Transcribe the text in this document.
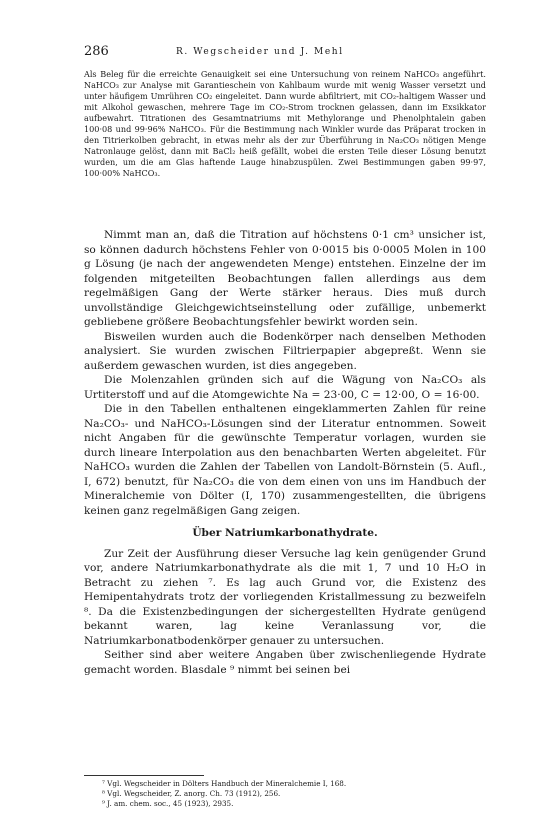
286	R. Wegscheider und J. Mehl

Als Beleg für die erreichte Genauigkeit sei eine Untersuchung von reinem NaHCO₃ angeführt. NaHCO₃ zur Analyse mit Garantieschein von Kahlbaum wurde mit wenig Wasser versetzt und unter häufigem Umrühren CO₂ eingeleitet. Dann wurde abfiltriert, mit CO₂-haltigem Wasser und mit Alkohol gewaschen, mehrere Tage im CO₂-Strom trocknen gelassen, dann im Exsikkator aufbewahrt. Titrationen des Gesamtnatriums mit Methylorange und Phenolphtalein gaben 100·08 und 99·96% NaHCO₃. Für die Bestimmung nach Winkler wurde das Präparat trocken in den Titrierkolben gebracht, in etwas mehr als der zur Überführung in Na₂CO₃ nötigen Menge Natronlauge gelöst, dann mit BaCl₂ heiß gefällt, wobei die ersten Teile dieser Lösung benutzt wurden, um die am Glas haftende Lauge hinabzuspülen. Zwei Bestimmungen gaben 99·97, 100·00% NaHCO₃.

Nimmt man an, daß die Titration auf höchstens 0·1 cm³ unsicher ist, so können dadurch höchstens Fehler von 0·0015 bis 0·0005 Molen in 100 g Lösung (je nach der angewendeten Menge) entstehen. Einzelne der im folgenden mitgeteilten Beobachtungen fallen allerdings aus dem regelmäßigen Gang der Werte stärker heraus. Dies muß durch unvollständige Gleichgewichtseinstellung oder zufällige, unbemerkt gebliebene größere Beobachtungsfehler bewirkt worden sein.

Bisweilen wurden auch die Bodenkörper nach denselben Methoden analysiert. Sie wurden zwischen Filtrierpapier abgepreßt. Wenn sie außerdem gewaschen wurden, ist dies angegeben.

Die Molenzahlen gründen sich auf die Wägung von Na₂CO₃ als Urtiterstoff und auf die Atomgewichte Na = 23·00, C = 12·00, O = 16·00.

Die in den Tabellen enthaltenen eingeklammerten Zahlen für reine Na₂CO₃- und NaHCO₃-Lösungen sind der Literatur entnommen. Soweit nicht Angaben für die gewünschte Temperatur vorlagen, wurden sie durch lineare Interpolation aus den benachbarten Werten abgeleitet. Für NaHCO₃ wurden die Zahlen der Tabellen von Landolt-Börnstein (5. Aufl., I, 672) benutzt, für Na₂CO₃ die von dem einen von uns im Handbuch der Mineralchemie von Dölter (I, 170) zusammengestellten, die übrigens keinen ganz regelmäßigen Gang zeigen.

Über Natriumkarbonathydrate.

Zur Zeit der Ausführung dieser Versuche lag kein genügender Grund vor, andere Natriumkarbonathydrate als die mit 1, 7 und 10 H₂O in Betracht zu ziehen ⁷. Es lag auch Grund vor, die Existenz des Hemipentahydrats trotz der vorliegenden Kristallmessung zu bezweifeln ⁸. Da die Existenzbedingungen der sichergestellten Hydrate genügend bekannt waren, lag keine Veranlassung vor, die Natriumkarbonatbodenkörper genauer zu untersuchen.

Seither sind aber weitere Angaben über zwischenliegende Hydrate gemacht worden. Blasdale ⁹ nimmt bei seinen bei

⁷ Vgl. Wegscheider in Dölters Handbuch der Mineralchemie I, 168.

⁸ Vgl. Wegscheider, Z. anorg. Ch. 73 (1912), 256.

⁹ J. am. chem. soc., 45 (1923), 2935.
